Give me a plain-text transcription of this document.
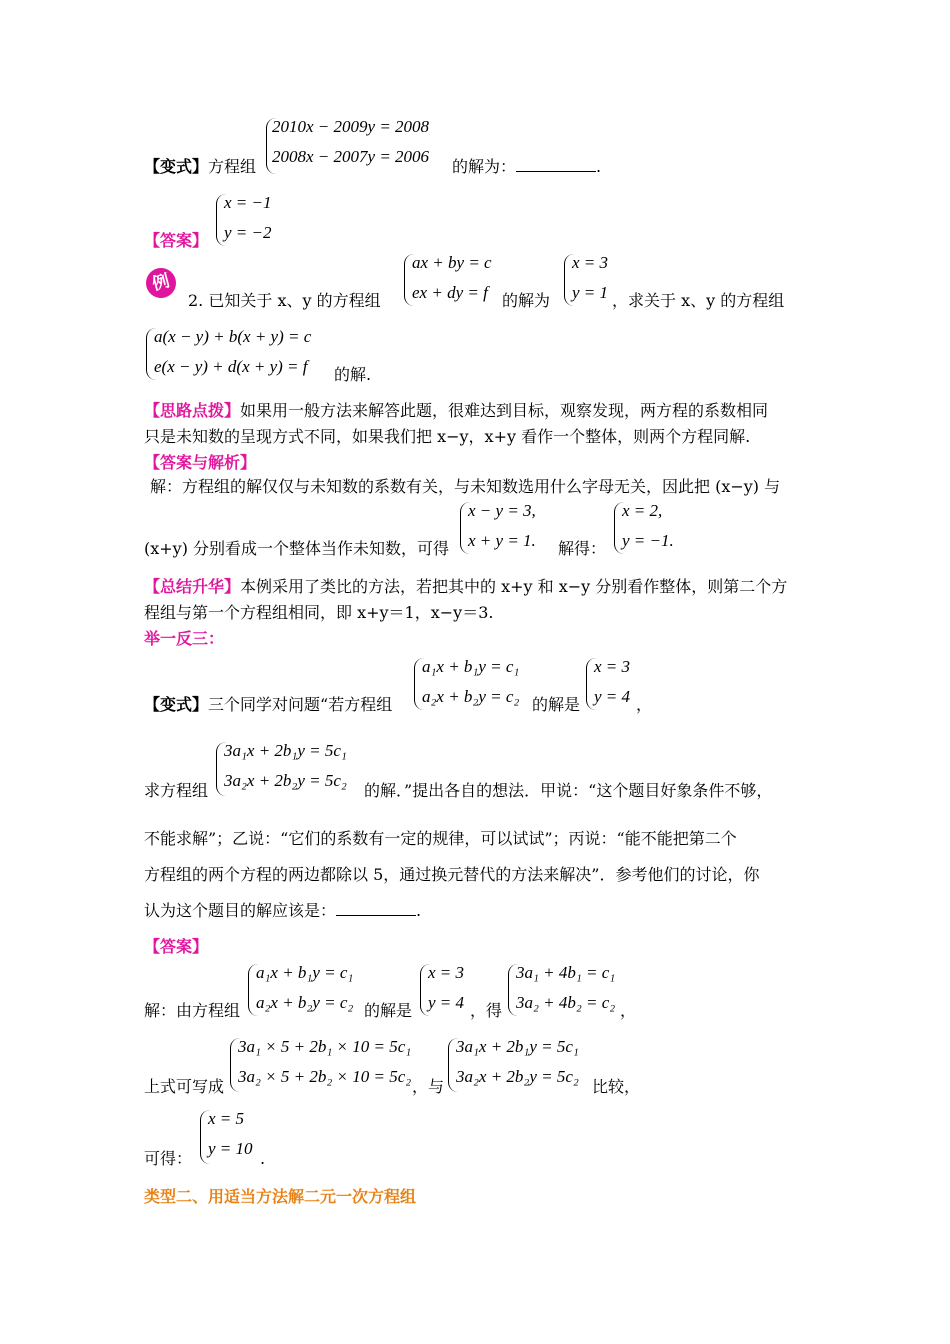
2010x − 2009y = 2008
2008x − 2007y = 2006
【变式】方程组	的解为：	.
【答案】
x = −1
y = −2
例
2. 已知关于 x、y 的方程组
ax + by = c
ex + dy = f 的解为
x = 3
y = 1 ，求关于 x、y 的方程组
a(x − y) + b(x + y) = c
e(x − y) + d(x + y) = f 的解.
【思路点拨】如果用一般方法来解答此题，很难达到目标，观察发现，两方程的系数相同
只是未知数的呈现方式不同，如果我们把 x−y，x+y 看作一个整体，则两个方程同解.
【答案与解析】
解：方程组的解仅仅与未知数的系数有关，与未知数选用什么字母无关，因此把 (x−y) 与
(x+y) 分别看成一个整体当作未知数，可得
x − y = 3,
x + y = 1. 解得：
x = 2,
y = −1.
【总结升华】本例采用了类比的方法，若把其中的 x+y 和 x−y 分别看作整体，则第二个方
程组与第一个方程组相同，即 x+y＝1，x−y＝3.
举一反三：
【变式】三个同学对问题“若方程组
a₁x + b₁y = c₁
a₂x + b₂y = c₂ 的解是
x = 3
y = 4 ，
求方程组
3a₁x + 2b₁y = 5c₁
3a₂x + 2b₂y = 5c₂
的解．”提出各自的想法．甲说：“这个题目好象条件不够，
不能求解”；乙说：“它们的系数有一定的规律，可以试试”；丙说：“能不能把第二个
方程组的两个方程的两边都除以 5，通过换元替代的方法来解决”．参考他们的讨论，你
认为这个题目的解应该是：	.
【答案】
解：由方程组
a₁x + b₁y = c₁
a₂x + b₂y = c₂ 的解是
x = 3
y = 4 ，得
3a₁ + 4b₁ = c₁
3a₂ + 4b₂ = c₂ ，
上式可写成
3a₁ × 5 + 2b₁ × 10 = 5c₁
3a₂ × 5 + 2b₂ × 10 = 5c₂
，与
3a₁x + 2b₁y = 5c₁
3a₂x + 2b₂y = 5c₂
比较，
可得：
x = 5
y = 10
.
类型二、用适当方法解二元一次方程组
